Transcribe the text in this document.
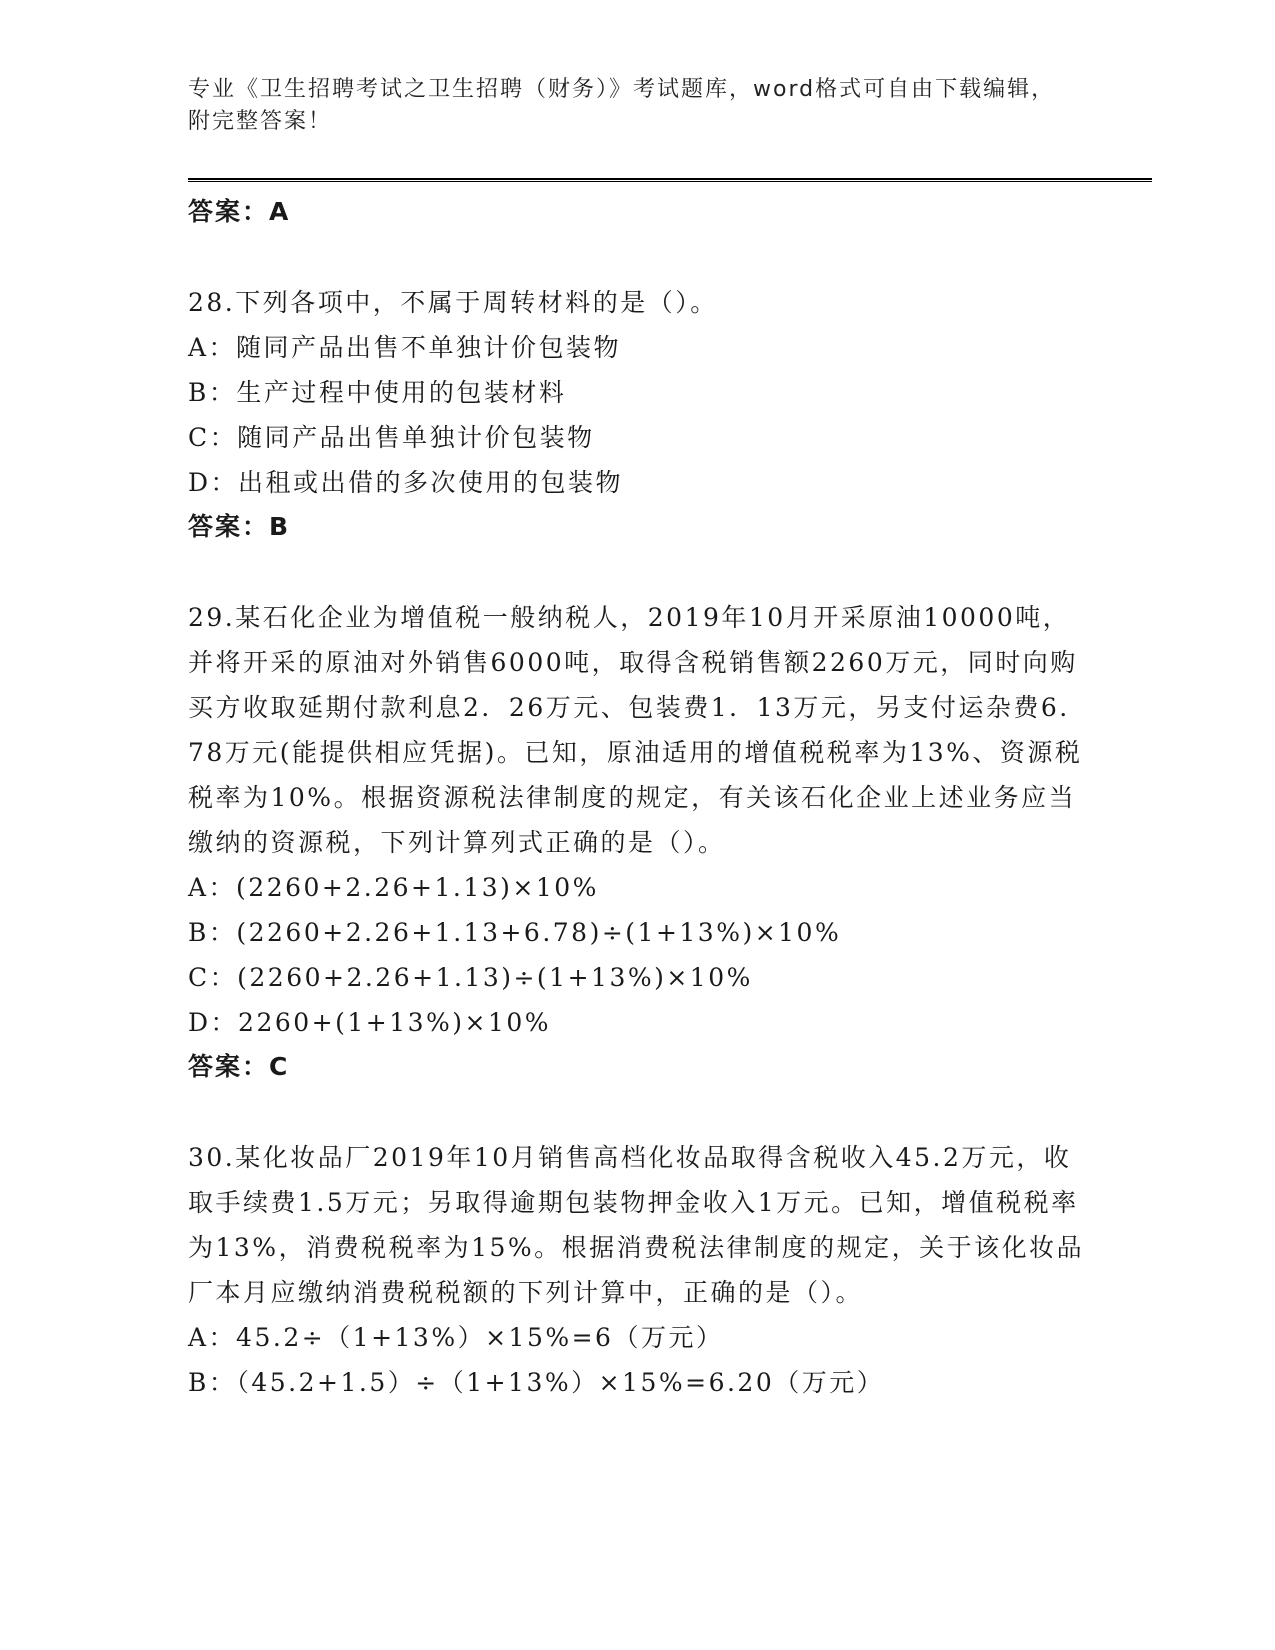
专业《卫生招聘考试之卫生招聘（财务）》考试题库，word格式可自由下载编辑，附完整答案！

答案：A

28.下列各项中，不属于周转材料的是（）。

A：随同产品出售不单独计价包装物

B：生产过程中使用的包装材料

C：随同产品出售单独计价包装物

D：出租或出借的多次使用的包装物

答案：B

29.某石化企业为增值税一般纳税人，2019年10月开采原油10000吨，并将开采的原油对外销售6000吨，取得含税销售额2260万元，同时向购买方收取延期付款利息2．26万元、包装费1．13万元，另支付运杂费6．78万元(能提供相应凭据)。已知，原油适用的增值税税率为13%、资源税税率为10%。根据资源税法律制度的规定，有关该石化企业上述业务应当缴纳的资源税，下列计算列式正确的是（）。

A：(2260+2.26+1.13)×10%

B：(2260+2.26+1.13+6.78)÷(1+13%)×10%

C：(2260+2.26+1.13)÷(1+13%)×10%

D：2260+(1+13%)×10%

答案：C

30.某化妆品厂2019年10月销售高档化妆品取得含税收入45.2万元，收取手续费1.5万元；另取得逾期包装物押金收入1万元。已知，增值税税率为13%，消费税税率为15%。根据消费税法律制度的规定，关于该化妆品厂本月应缴纳消费税税额的下列计算中，正确的是（）。

A：45.2÷（1+13%）×15%=6（万元）

B：（45.2+1.5）÷（1+13%）×15%=6.20（万元）
